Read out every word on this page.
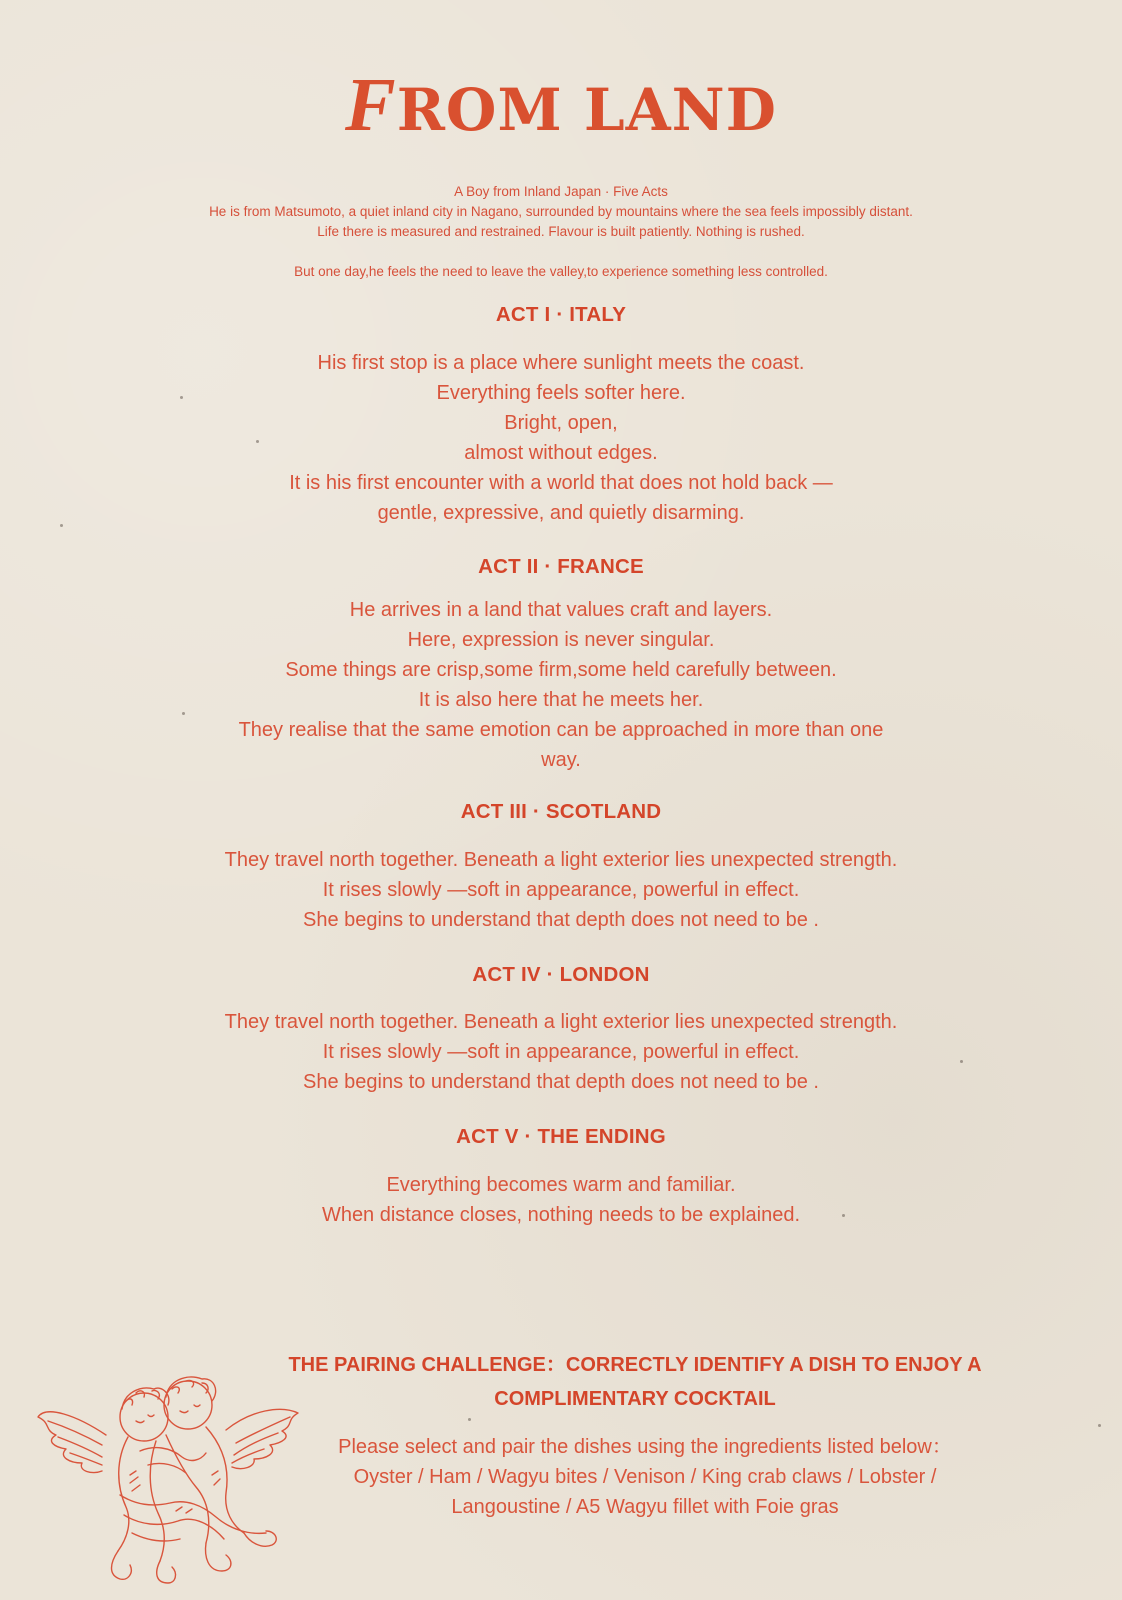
FROM LAND
A Boy from Inland Japan · Five Acts
He is from Matsumoto, a quiet inland city in Nagano, surrounded by mountains where the sea feels impossibly distant.
Life there is measured and restrained. Flavour is built patiently. Nothing is rushed.
But one day,he feels the need to leave the valley,to experience something less controlled.
ACT I · ITALY
His first stop is a place where sunlight meets the coast.
Everything feels softer here.
Bright, open,
almost without edges.
It is his first encounter with a world that does not hold back —
gentle, expressive, and quietly disarming.
ACT II · FRANCE
He arrives in a land that values craft and layers.
Here, expression is never singular.
Some things are crisp,some firm,some held carefully between.
It is also here that he meets her.
They realise that the same emotion can be approached in more than one
way.
ACT III · SCOTLAND
They travel north together. Beneath a light exterior lies unexpected strength.
It rises slowly —soft in appearance, powerful in effect.
She begins to understand that depth does not need to be .
ACT IV · LONDON
They travel north together. Beneath a light exterior lies unexpected strength.
It rises slowly —soft in appearance, powerful in effect.
She begins to understand that depth does not need to be .
ACT V · THE ENDING
Everything becomes warm and familiar.
When distance closes, nothing needs to be explained.
THE PAIRING CHALLENGE：CORRECTLY IDENTIFY A DISH TO ENJOY A
COMPLIMENTARY COCKTAIL
Please select and pair the dishes using the ingredients listed below：
Oyster / Ham / Wagyu bites / Venison / King crab claws / Lobster /
Langoustine / A5 Wagyu fillet with Foie gras
